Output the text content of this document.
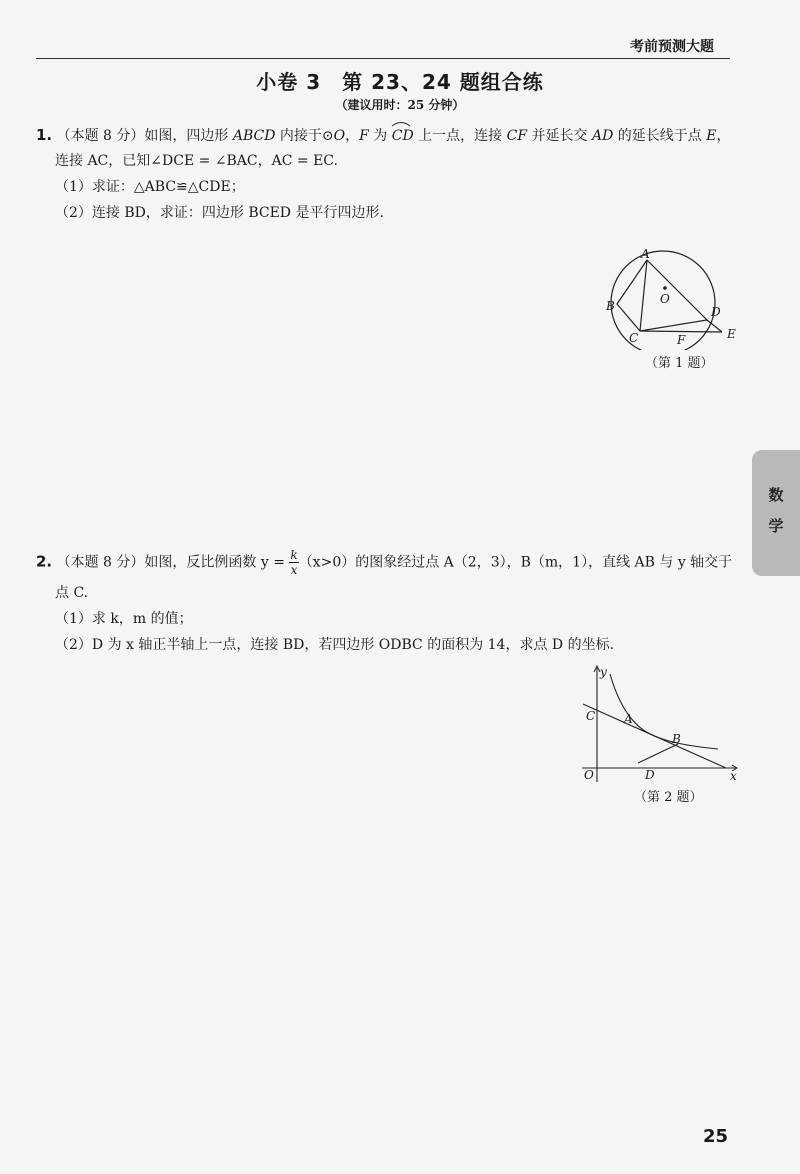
考前预测大题
小卷 3　第 23、24 题组合练
（建议用时：25 分钟）
1. （本题 8 分）如图，四边形 ABCD 内接于⊙O，F 为
CD 上一点，连接 CF 并延长交 AD 的延长线于点 E，
连接 AC，已知∠DCE = ∠BAC，AC = EC.
（1）求证：△ABC≌△CDE；
（2）连接 BD，求证：四边形 BCED 是平行四边形.
A
B
C
D
E
F
O
（第 1 题）
数
学
2. （本题 8 分）如图，反比例函数 $y = \frac{k}{x} (x>0)$的图象经过点 A（2，3），B（m，1），直线 AB 与 y 轴交于
点 C.
（1）求 k，m 的值；
（2）D 为 x 轴正半轴上一点，连接 BD，若四边形 ODBC 的面积为 14，求点 D 的坐标.
y
x
O
C A
B
D
（第 2 题）
25
